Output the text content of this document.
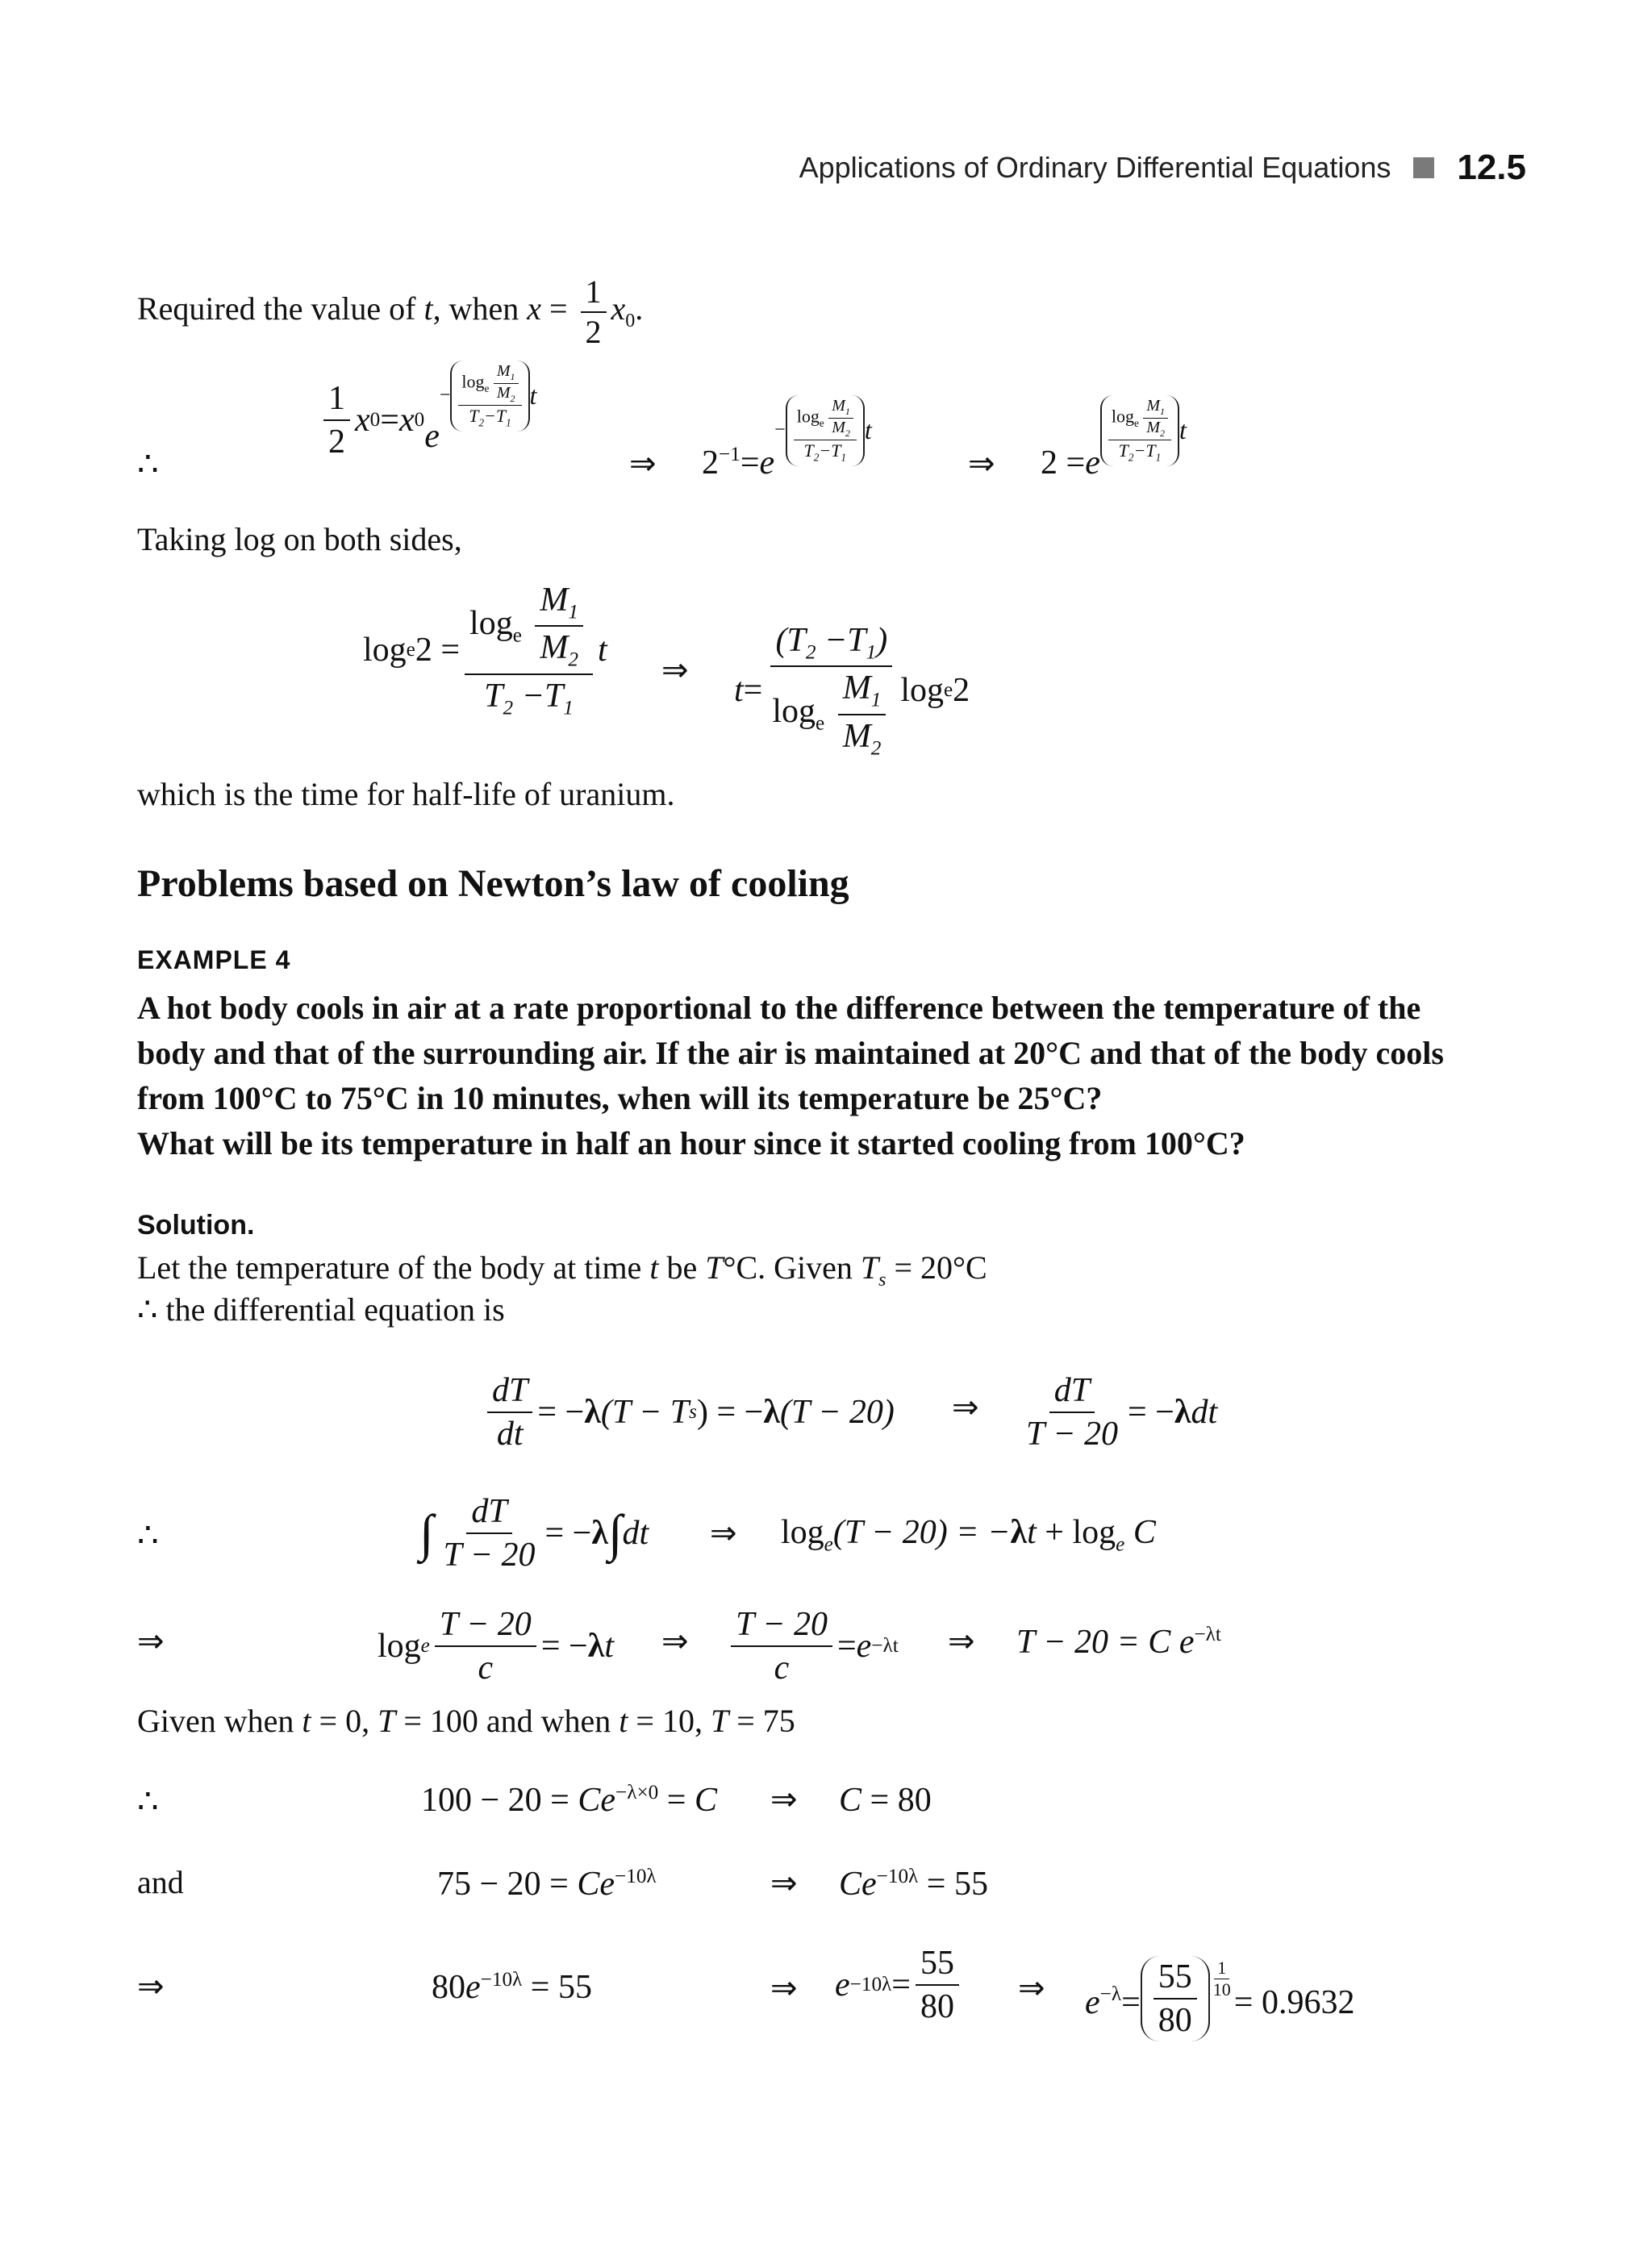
Applications of Ordinary Differential Equations 12.5
Required the value of t, when $x = \frac{1}{2} x_0$.
∴
$\frac{1}{2}$ x 0 = x 0 e
− $\frac{\log_e \frac{M_1}{M_2}}{T_2-T_1}$ t
⇒ $2^{-1} = e$
− $\frac{\log_e \frac{M_1}{M_2}}{T_2-T_1}$ t
⇒ 2 = e $\frac{\log_e \frac{M_1}{M_2}}{T_2-T_1}$ t
Taking log on both sides,
log e $2 = \frac{\log_e \frac{M_1}{M_2}}{T_2 -T_1}$ t
⇒
$t = \frac{(T_2 -T_1)}{\log_e \frac{M_1}{M_2}}$ log e 2
which is the time for half-life of uranium.
Problems based on Newton’s law of cooling
EXAMPLE 4
A hot body cools in air at a rate proportional to the difference between the temperature of the
body and that of the surrounding air. If the air is maintained at 20°C and that of the body cools
from 100°C to 75°C in 10 minutes, when will its temperature be 25°C?
What will be its temperature in half an hour since it started cooling from 100°C?
Solution.
Let the temperature of the body at time t be T°C. Given $T_s = 20^\circ C$
∴ the differential equation is
$\frac{dT}{dt}$ = − λ (T − T s ) = − λ (T − 20) ⇒ $\frac{dT}{T - 20}$ = − λ dt
∴	∫ $\frac{dT}{T - 20}$ = − λ ∫ dt ⇒ $\log_e(T - 20) = -\lambda t + \log_e C$
⇒	log e $\frac{T - 20}{c}$ = − λ t ⇒ $\frac{T - 20}{c} = e -\lambda t$ ⇒ T − 20 = C $e^{-\lambda t}$
Given when t = 0, T = 100 and when t = 10, T = 75
∴	$100 - 20 = Ce^{-\lambda\times 0} = C$ ⇒ C = 80
and	$75 - 20 = Ce^{-10\lambda}$	⇒ $Ce^{-10\lambda} = 55$
⇒	$80e^{-10\lambda} = 55$	⇒ $e -10\lambda = \frac{55}{80}$ ⇒ $e^{-\lambda} = \frac{55}{80} \frac{1}{10}$
= 0.9632
